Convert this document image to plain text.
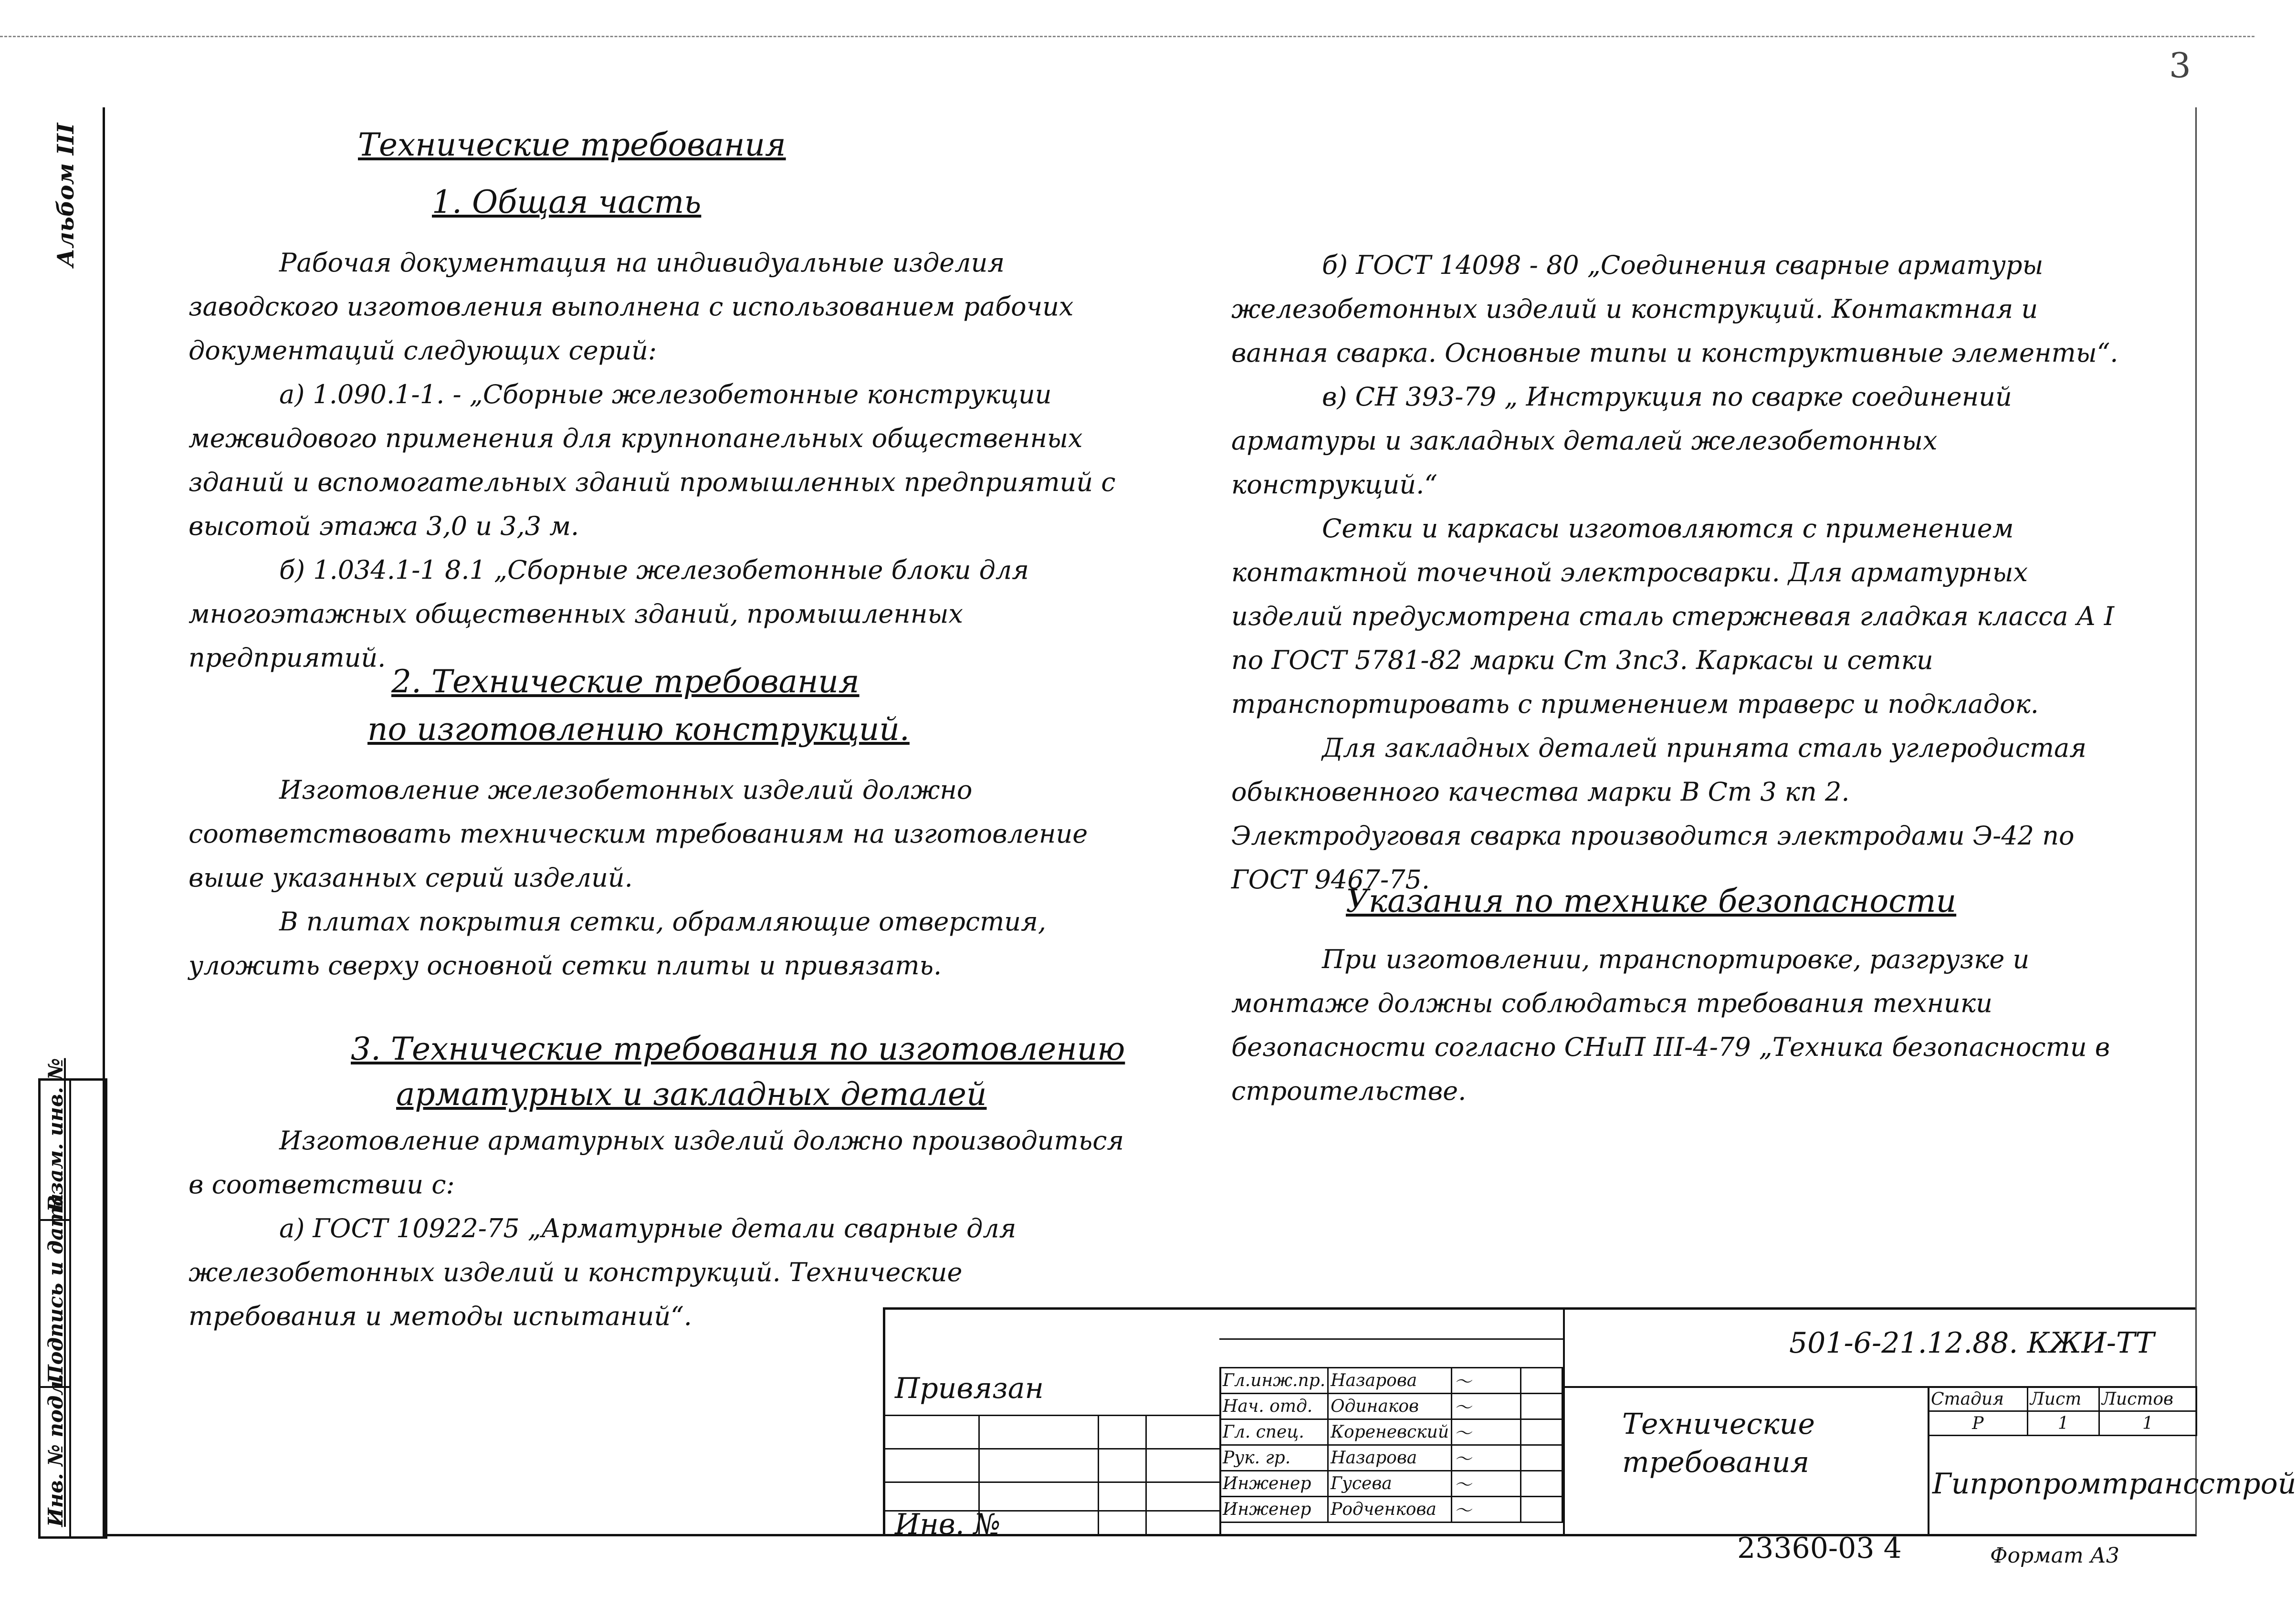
3
Альбом III
Инв. № подл.
Подпись и дата
Взам. инв. №
Технические требования
1. Общая часть

Рабочая документация на индивидуальные изделия заводского изготовления выполнена с использованием рабочих документаций следующих серий:

а) 1.090.1-1. - „Сборные железобетонные конструкции межвидового применения для крупнопанельных общественных зданий и вспомогательных зданий промышленных предприятий с высотой этажа 3,0 и 3,3 м.

б) 1.034.1-1 8.1 „Сборные железобетонные блоки для многоэтажных общественных зданий, промышленных предприятий.

2. Технические требования
по изготовлению конструкций.

Изготовление железобетонных изделий должно соответствовать техническим требованиям на изготовление выше указанных серий изделий.

В плитах покрытия сетки, обрамляющие отверстия, уложить сверху основной сетки плиты и привязать.

3. Технические требования по изготовлению
арматурных и закладных деталей

Изготовление арматурных изделий должно производиться в соответствии с:

а) ГОСТ 10922-75 „Арматурные детали сварные для железобетонных изделий и конструкций. Технические требования и методы испытаний“.

б) ГОСТ 14098 - 80 „Соединения сварные арматуры железобетонных изделий и конструкций. Контактная и ванная сварка. Основные типы и конструктивные элементы“.

в) СН 393-79 „ Инструкция по сварке соединений арматуры и закладных деталей железобетонных конструкций.“

Сетки и каркасы изготовляются с применением контактной точечной электросварки. Для арматурных изделий предусмотрена сталь стержневая гладкая класса А I по ГОСТ 5781-82 марки Ст 3пс3. Каркасы и сетки транспортировать с применением траверс и подкладок.

Для закладных деталей принята сталь углеродистая обыкновенного качества марки В Ст 3 кп 2.

Электродуговая сварка производится электродами Э-42 по ГОСТ 9467-75.

Указания по технике безопасности

При изготовлении, транспортировке, разгрузке и монтаже должны соблюдаться требования техники безопасности согласно СНиП III-4-79 „Техника безопасности в строительстве.

Привязан
Инв. №
Гл.инж.пр.	Назарова	～	
Нач. отд.	Одинаков	～	
Гл. спец.	Кореневский	～	
Рук. гр.	Назарова	～	
Инженер	Гусева	～	
Инженер	Родченкова	～	
501-6-21.12.88. КЖИ-ТТ
Технические требования
Стадия	Лист	Листов
Р	1	1
Гипропромтрансстрой
23360-03 4	Формат А3
